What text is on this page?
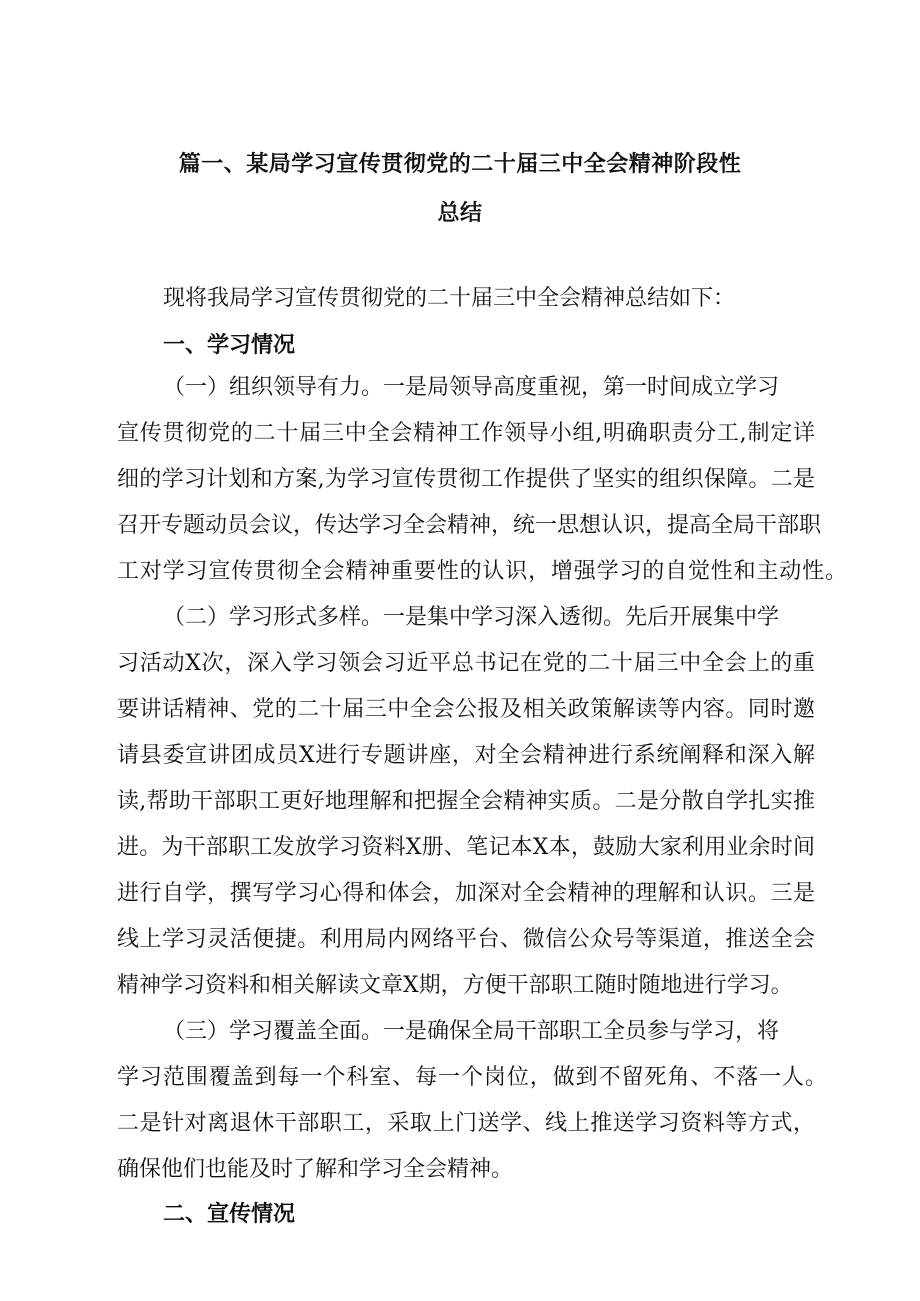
篇一、某局学习宣传贯彻党的二十届三中全会精神阶段性
总结
现将我局学习宣传贯彻党的二十届三中全会精神总结如下：
一、学习情况
（一）组织领导有力。一是局领导高度重视，第一时间成立学习
宣传贯彻党的二十届三中全会精神工作领导小组,明确职责分工,制定详
细的学习计划和方案,为学习宣传贯彻工作提供了坚实的组织保障。二是
召开专题动员会议，传达学习全会精神，统一思想认识，提高全局干部职
工对学习宣传贯彻全会精神重要性的认识，增强学习的自觉性和主动性。
（二）学习形式多样。一是集中学习深入透彻。先后开展集中学
习活动X次，深入学习领会习近平总书记在党的二十届三中全会上的重
要讲话精神、党的二十届三中全会公报及相关政策解读等内容。同时邀
请县委宣讲团成员X进行专题讲座，对全会精神进行系统阐释和深入解
读,帮助干部职工更好地理解和把握全会精神实质。二是分散自学扎实推
进。为干部职工发放学习资料X册、笔记本X本，鼓励大家利用业余时间
进行自学，撰写学习心得和体会，加深对全会精神的理解和认识。三是
线上学习灵活便捷。利用局内网络平台、微信公众号等渠道，推送全会
精神学习资料和相关解读文章X期，方便干部职工随时随地进行学习。
（三）学习覆盖全面。一是确保全局干部职工全员参与学习，将
学习范围覆盖到每一个科室、每一个岗位，做到不留死角、不落一人。
二是针对离退休干部职工，采取上门送学、线上推送学习资料等方式，
确保他们也能及时了解和学习全会精神。
二、宣传情况
